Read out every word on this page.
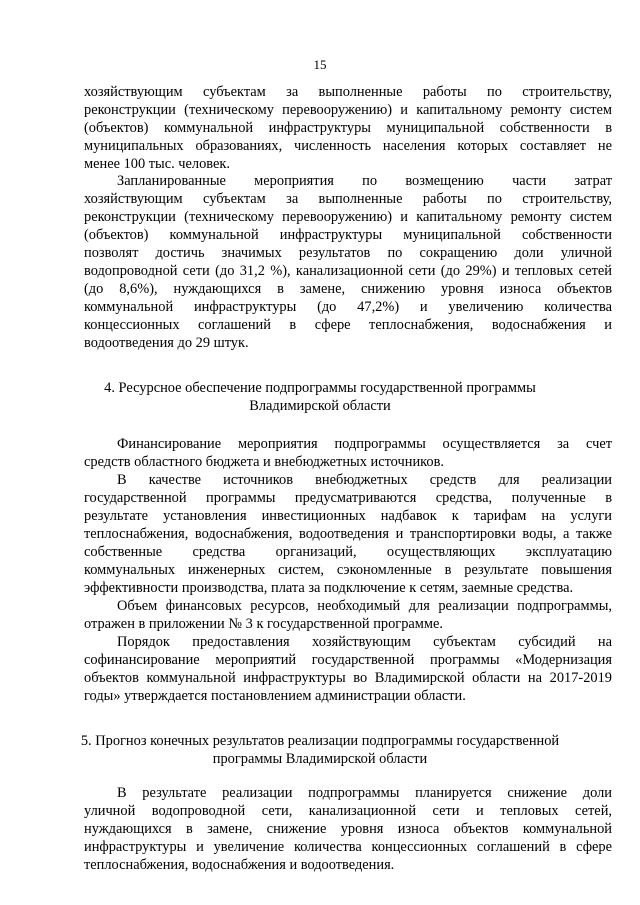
15
хозяйствующим субъектам за выполненные работы по строительству,
реконструкции (техническому перевооружению) и капитальному ремонту систем
(объектов) коммунальной инфраструктуры муниципальной собственности в
муниципальных образованиях, численность населения которых составляет не
менее 100 тыс. человек.
Запланированные мероприятия по возмещению части затрат
хозяйствующим субъектам за выполненные работы по строительству,
реконструкции (техническому перевооружению) и капитальному ремонту систем
(объектов) коммунальной инфраструктуры муниципальной собственности
позволят достичь значимых результатов по сокращению доли уличной
водопроводной сети (до 31,2 %), канализационной сети (до 29%) и тепловых сетей
(до 8,6%), нуждающихся в замене, снижению уровня износа объектов
коммунальной инфраструктуры (до 47,2%) и увеличению количества
концессионных соглашений в сфере теплоснабжения, водоснабжения и
водоотведения до 29 штук.
4. Ресурсное обеспечение подпрограммы государственной программы
Владимирской области
Финансирование мероприятия подпрограммы осуществляется за счет
средств областного бюджета и внебюджетных источников.
В качестве источников внебюджетных средств для реализации
государственной программы предусматриваются средства, полученные в
результате установления инвестиционных надбавок к тарифам на услуги
теплоснабжения, водоснабжения, водоотведения и транспортировки воды, а также
собственные средства организаций, осуществляющих эксплуатацию
коммунальных инженерных систем, сэкономленные в результате повышения
эффективности производства, плата за подключение к сетям, заемные средства.
Объем финансовых ресурсов, необходимый для реализации подпрограммы,
отражен в приложении № 3 к государственной программе.
Порядок предоставления хозяйствующим субъектам субсидий на
софинансирование мероприятий государственной программы «Модернизация
объектов коммунальной инфраструктуры во Владимирской области на 2017-2019
годы» утверждается постановлением администрации области.
5. Прогноз конечных результатов реализации подпрограммы государственной
программы Владимирской области
В результате реализации подпрограммы планируется снижение доли
уличной водопроводной сети, канализационной сети и тепловых сетей,
нуждающихся в замене, снижение уровня износа объектов коммунальной
инфраструктуры и увеличение количества концессионных соглашений в сфере
теплоснабжения, водоснабжения и водоотведения.
